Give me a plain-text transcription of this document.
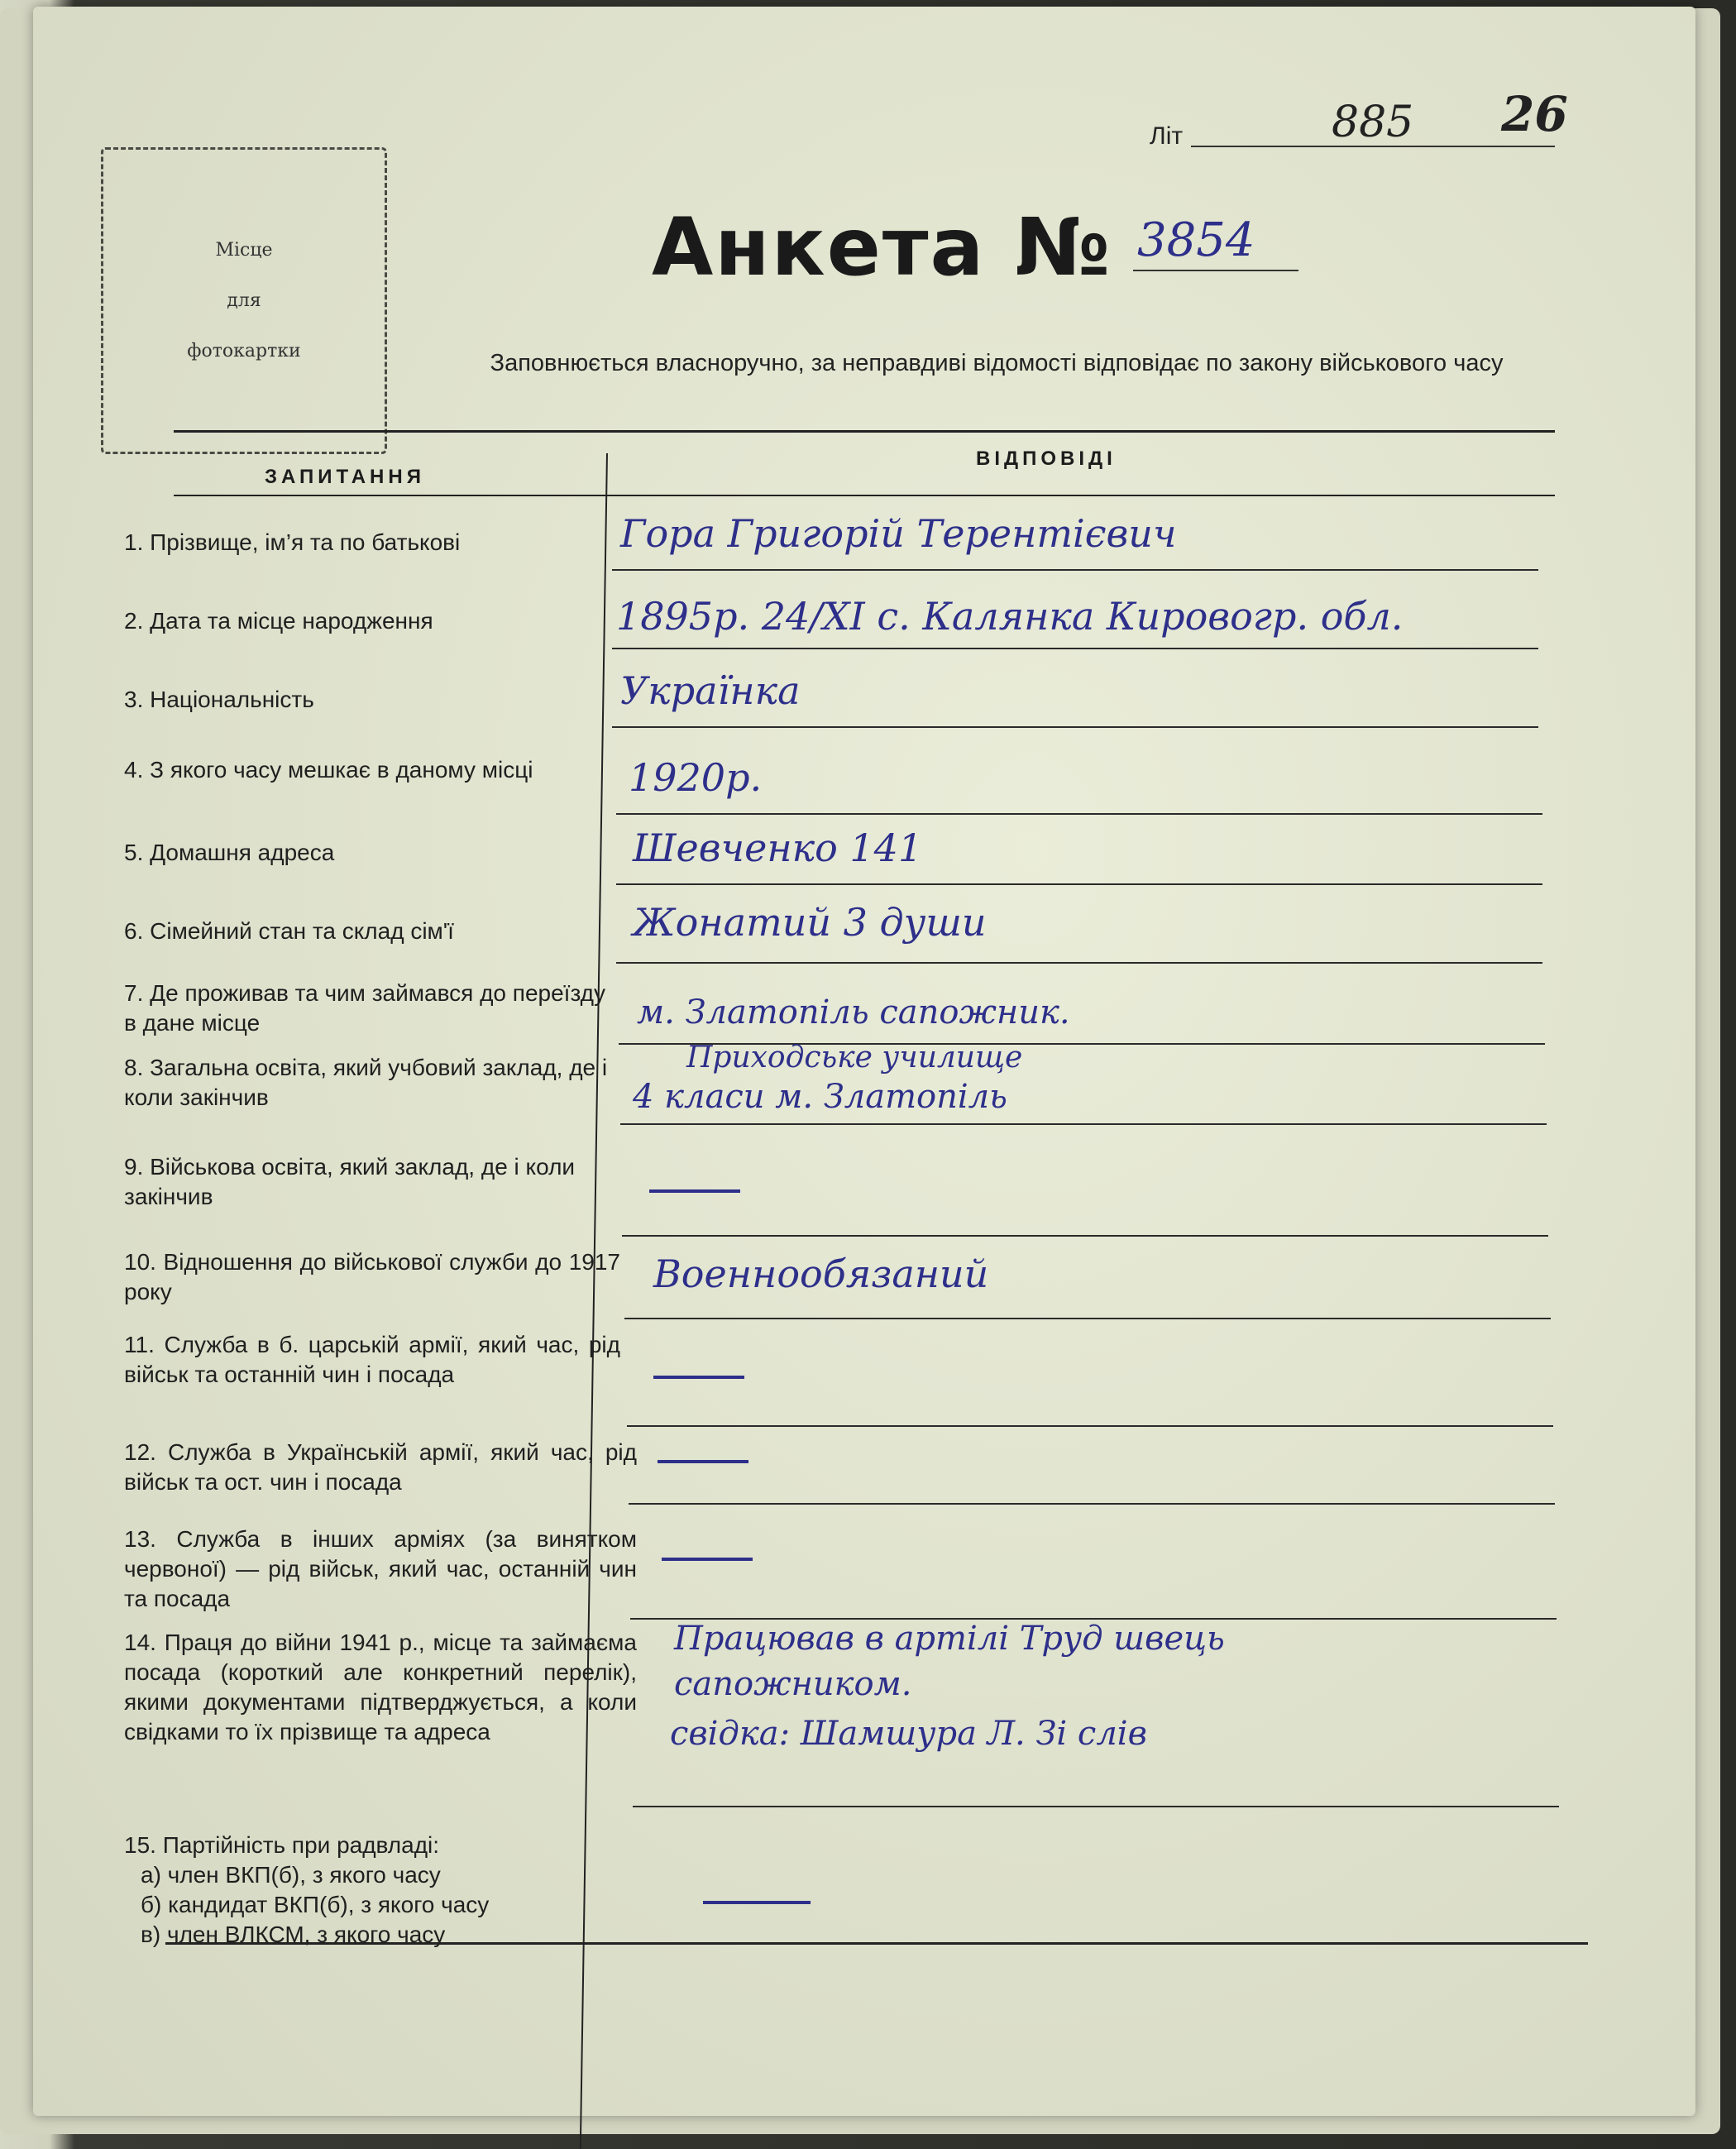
Місце
для
фотокартки
Літ	885 26
Анкета № 3854
Заповнюється власноручно, за неправдиві відомості відповідає по закону військового часу
ЗАПИТАННЯ
ВІДПОВІДІ
1. Прізвище, ім’я та по батькові	Гора Григорій Терентієвич
2. Дата та місце народження	1895р. 24/XI с. Калянка Кировогр. обл.
3. Національність	Українка
4. З якого часу мешкає в даному місці	1920р.
5. Домашня адреса	Шевченко 141
6. Сімейний стан та склад сім'ї	Жонатий 3 души
7. Де проживав та чим займався до переїзду в дане місце	м. Златопіль сапожник.
8. Загальна освіта, який учбовий заклад, де і коли закінчив
Приходське училище
4 класи м. Златопіль
9. Військова освіта, який заклад, де і коли закінчив
10. Відношення до військової служби до 1917 року	Военнообязаний
11. Служба в б. царській армії, який час, рід військ та останній чин і посада
12. Служба в Українській армії, який час, рід військ та ост. чин і посада
13. Служба в інших арміях (за винятком червоної) — рід військ, який час, останній чин та посада
14. Праця до війни 1941 р., місце та займаєма посада (короткий але конкретний перелік), якими документами підтверджується, а коли свідками то їх прізвище та адреса
Працював в артілі Труд швець
сапожником.
свідка: Шамшура Л. Зі слів
15. Партійність при радвладі:
а) член ВКП(б), з якого часу
б) кандидат ВКП(б), з якого часу
в) член ВЛКСМ, з якого часу
